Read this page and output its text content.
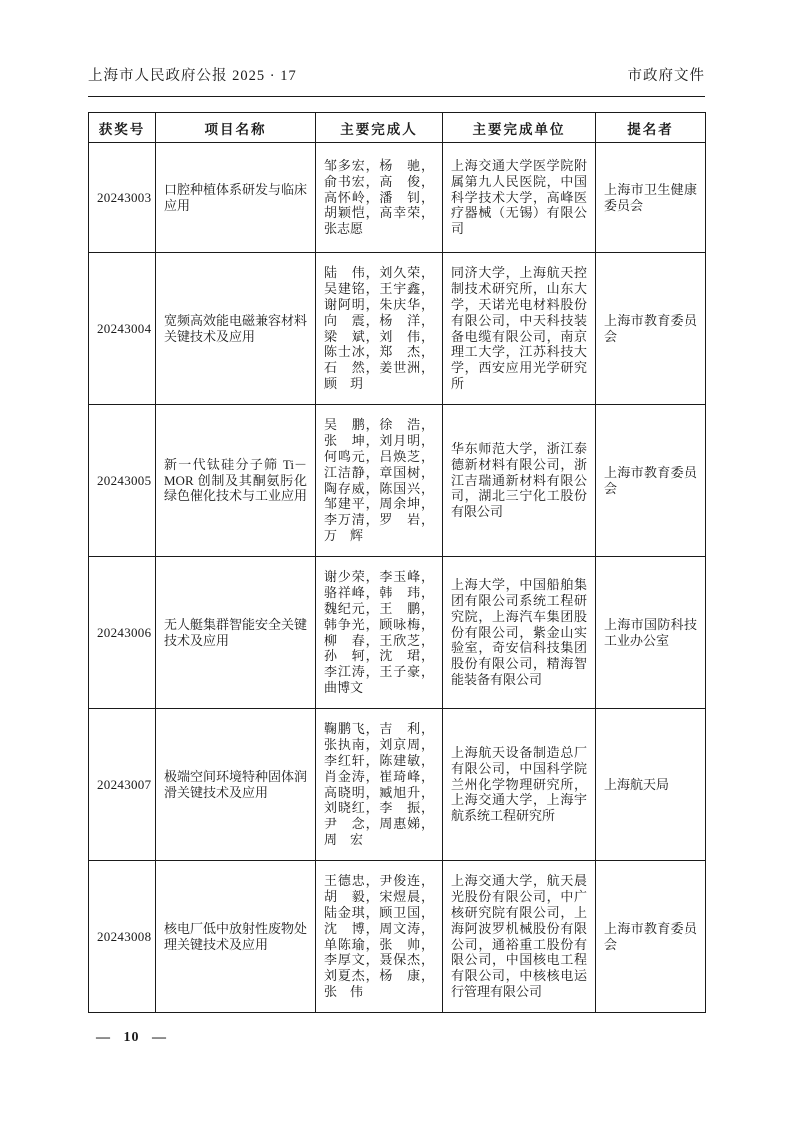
上海市人民政府公报 2025 · 17	市政府文件
获奖号	项目名称	主要完成人	主要完成单位	提名者
20243003	口腔种植体系研发与临床应用	邹多宏，杨　驰，俞书宏，高　俊，高怀岭，潘　钊，胡颖恺，高幸荣，张志愿	上海交通大学医学院附属第九人民医院，中国科学技术大学，高峰医疗器械（无锡）有限公司	上海市卫生健康委员会
20243004	宽频高效能电磁兼容材料关键技术及应用	陆　伟，刘久荣，吴建铭，王宇鑫，谢阿明，朱庆华，向　震，杨　洋，梁　斌，刘　伟，陈士冰，郑　杰，石　然，姜世洲，顾　玥	同济大学，上海航天控制技术研究所，山东大学，天诺光电材料股份有限公司，中天科技装备电缆有限公司，南京理工大学，江苏科技大学，西安应用光学研究所	上海市教育委员会
20243005	新一代钛硅分子筛 Ti－MOR 创制及其酮氨肟化绿色催化技术与工业应用	吴　鹏，徐　浩，张　坤，刘月明，何鸣元，吕焕芝，江洁静，章国树，陶存威，陈国兴，邹建平，周余坤，李万清，罗　岩，万　辉	华东师范大学，浙江泰德新材料有限公司，浙江吉瑞通新材料有限公司，湖北三宁化工股份有限公司	上海市教育委员会
20243006	无人艇集群智能安全关键技术及应用	谢少荣，李玉峰，骆祥峰，韩　玮，魏纪元，王　鹏，韩争光，顾咏梅，柳　春，王欣芝，孙　轲，沈　珺，李江涛，王子豪，曲博文	上海大学，中国船舶集团有限公司系统工程研究院，上海汽车集团股份有限公司，紫金山实验室，奇安信科技集团股份有限公司，精海智能装备有限公司	上海市国防科技工业办公室
20243007	极端空间环境特种固体润滑关键技术及应用	鞠鹏飞，吉　利，张执南，刘京周，李红轩，陈建敏，肖金涛，崔琦峰，高晓明，臧旭升，刘晓红，李　振，尹　念，周惠娣，周　宏	上海航天设备制造总厂有限公司，中国科学院兰州化学物理研究所，上海交通大学，上海宇航系统工程研究所	上海航天局
20243008	核电厂低中放射性废物处理关键技术及应用	王德忠，尹俊连，胡　毅，宋煜晨，陆金琪，顾卫国，沈　博，周文涛，单陈瑜，张　帅，李厚文，聂保杰，刘夏杰，杨　康，张　伟	上海交通大学，航天晨光股份有限公司，中广核研究院有限公司，上海阿波罗机械股份有限公司，通裕重工股份有限公司，中国核电工程有限公司，中核核电运行管理有限公司	上海市教育委员会
— 10 —
